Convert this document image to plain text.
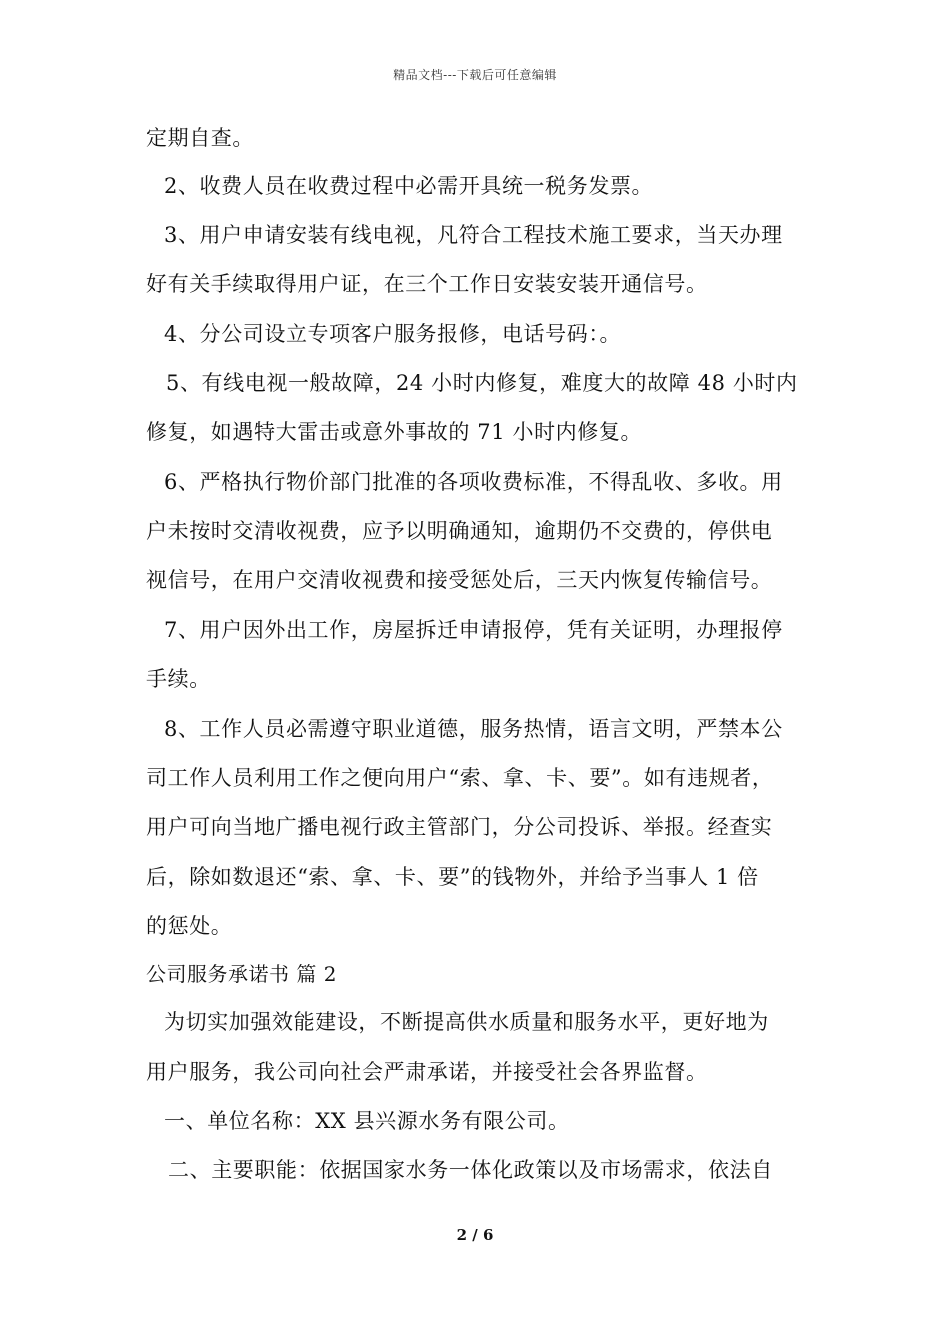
精品文档---下载后可任意编辑
定期自查。
2、收费人员在收费过程中必需开具统一税务发票。
3、用户申请安装有线电视，凡符合工程技术施工要求，当天办理
好有关手续取得用户证，在三个工作日安装安装开通信号。
4、分公司设立专项客户服务报修，电话号码：。
5、有线电视一般故障，24 小时内修复，难度大的故障 48 小时内
修复，如遇特大雷击或意外事故的 71 小时内修复。
6、严格执行物价部门批准的各项收费标准，不得乱收、多收。用
户未按时交清收视费，应予以明确通知，逾期仍不交费的，停供电
视信号，在用户交清收视费和接受惩处后，三天内恢复传输信号。
7、用户因外出工作，房屋拆迁申请报停，凭有关证明，办理报停
手续。
8、工作人员必需遵守职业道德，服务热情，语言文明，严禁本公
司工作人员利用工作之便向用户“索、拿、卡、要”。如有违规者，
用户可向当地广播电视行政主管部门，分公司投诉、举报。经查实
后，除如数退还“索、拿、卡、要”的钱物外，并给予当事人 1 倍
的惩处。
公司服务承诺书 篇 2
为切实加强效能建设，不断提高供水质量和服务水平，更好地为
用户服务，我公司向社会严肃承诺，并接受社会各界监督。
一、单位名称：XX 县兴源水务有限公司。
二、主要职能：依据国家水务一体化政策以及市场需求，依法自
2 / 6
